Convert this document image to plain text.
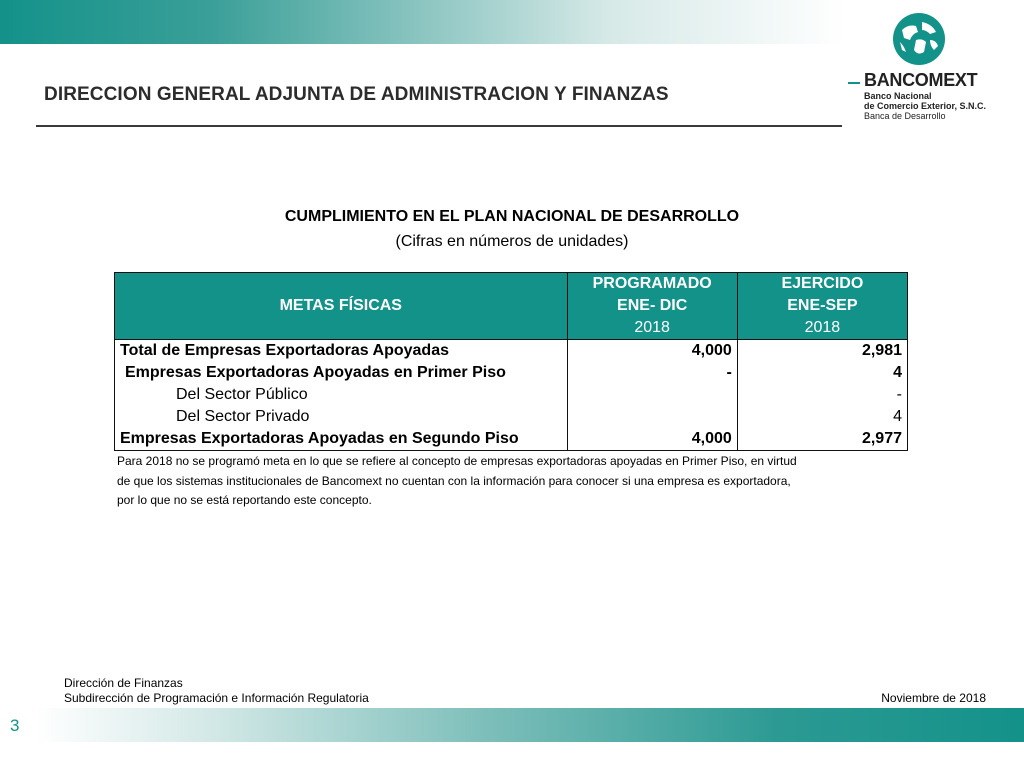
DIRECCION GENERAL ADJUNTA DE ADMINISTRACION Y FINANZAS
BANCOMEXT
Banco Nacional
de Comercio Exterior, S.N.C.
Banca de Desarrollo
CUMPLIMIENTO EN EL PLAN NACIONAL DE DESARROLLO
(Cifras en números de unidades)
METAS FÍSICAS	PROGRAMADO	EJERCIDO
	ENE- DIC	ENE-SEP
	2018	2018
Total de Empresas Exportadoras Apoyadas	4,000	2,981
Empresas Exportadoras Apoyadas en Primer Piso	-	4
Del Sector Público		-
Del Sector Privado		4
Empresas Exportadoras Apoyadas en Segundo Piso	4,000	2,977
Para 2018 no se programó meta en lo que se refiere al concepto de empresas exportadoras apoyadas en Primer Piso, en virtud
de que los sistemas institucionales de Bancomext no cuentan con la información para conocer si una empresa es exportadora,
por lo que no se está reportando este concepto.
Dirección de Finanzas
Subdirección de Programación e Información Regulatoria	Noviembre de 2018
3
